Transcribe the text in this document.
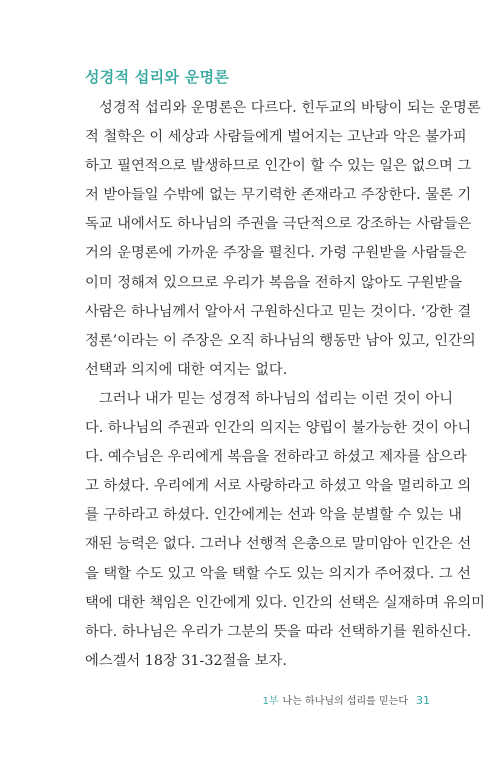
성경적 섭리와 운명론
성경적 섭리와 운명론은 다르다. 힌두교의 바탕이 되는 운명론
적 철학은 이 세상과 사람들에게 벌어지는 고난과 악은 불가피
하고 필연적으로 발생하므로 인간이 할 수 있는 일은 없으며 그
저 받아들일 수밖에 없는 무기력한 존재라고 주장한다. 물론 기
독교 내에서도 하나님의 주권을 극단적으로 강조하는 사람들은
거의 운명론에 가까운 주장을 펼친다. 가령 구원받을 사람들은
이미 정해져 있으므로 우리가 복음을 전하지 않아도 구원받을
사람은 하나님께서 알아서 구원하신다고 믿는 것이다. ‘강한 결
정론’이라는 이 주장은 오직 하나님의 행동만 남아 있고, 인간의
선택과 의지에 대한 여지는 없다.
그러나 내가 믿는 성경적 하나님의 섭리는 이런 것이 아니
다. 하나님의 주권과 인간의 의지는 양립이 불가능한 것이 아니
다. 예수님은 우리에게 복음을 전하라고 하셨고 제자를 삼으라
고 하셨다. 우리에게 서로 사랑하라고 하셨고 악을 멀리하고 의
를 구하라고 하셨다. 인간에게는 선과 악을 분별할 수 있는 내
재된 능력은 없다. 그러나 선행적 은총으로 말미암아 인간은 선
을 택할 수도 있고 악을 택할 수도 있는 의지가 주어졌다. 그 선
택에 대한 책임은 인간에게 있다. 인간의 선택은 실재하며 유의미
하다. 하나님은 우리가 그분의 뜻을 따라 선택하기를 원하신다.
에스겔서 18장 31-32절을 보자.
1부 나는 하나님의 섭리를 믿는다 31
